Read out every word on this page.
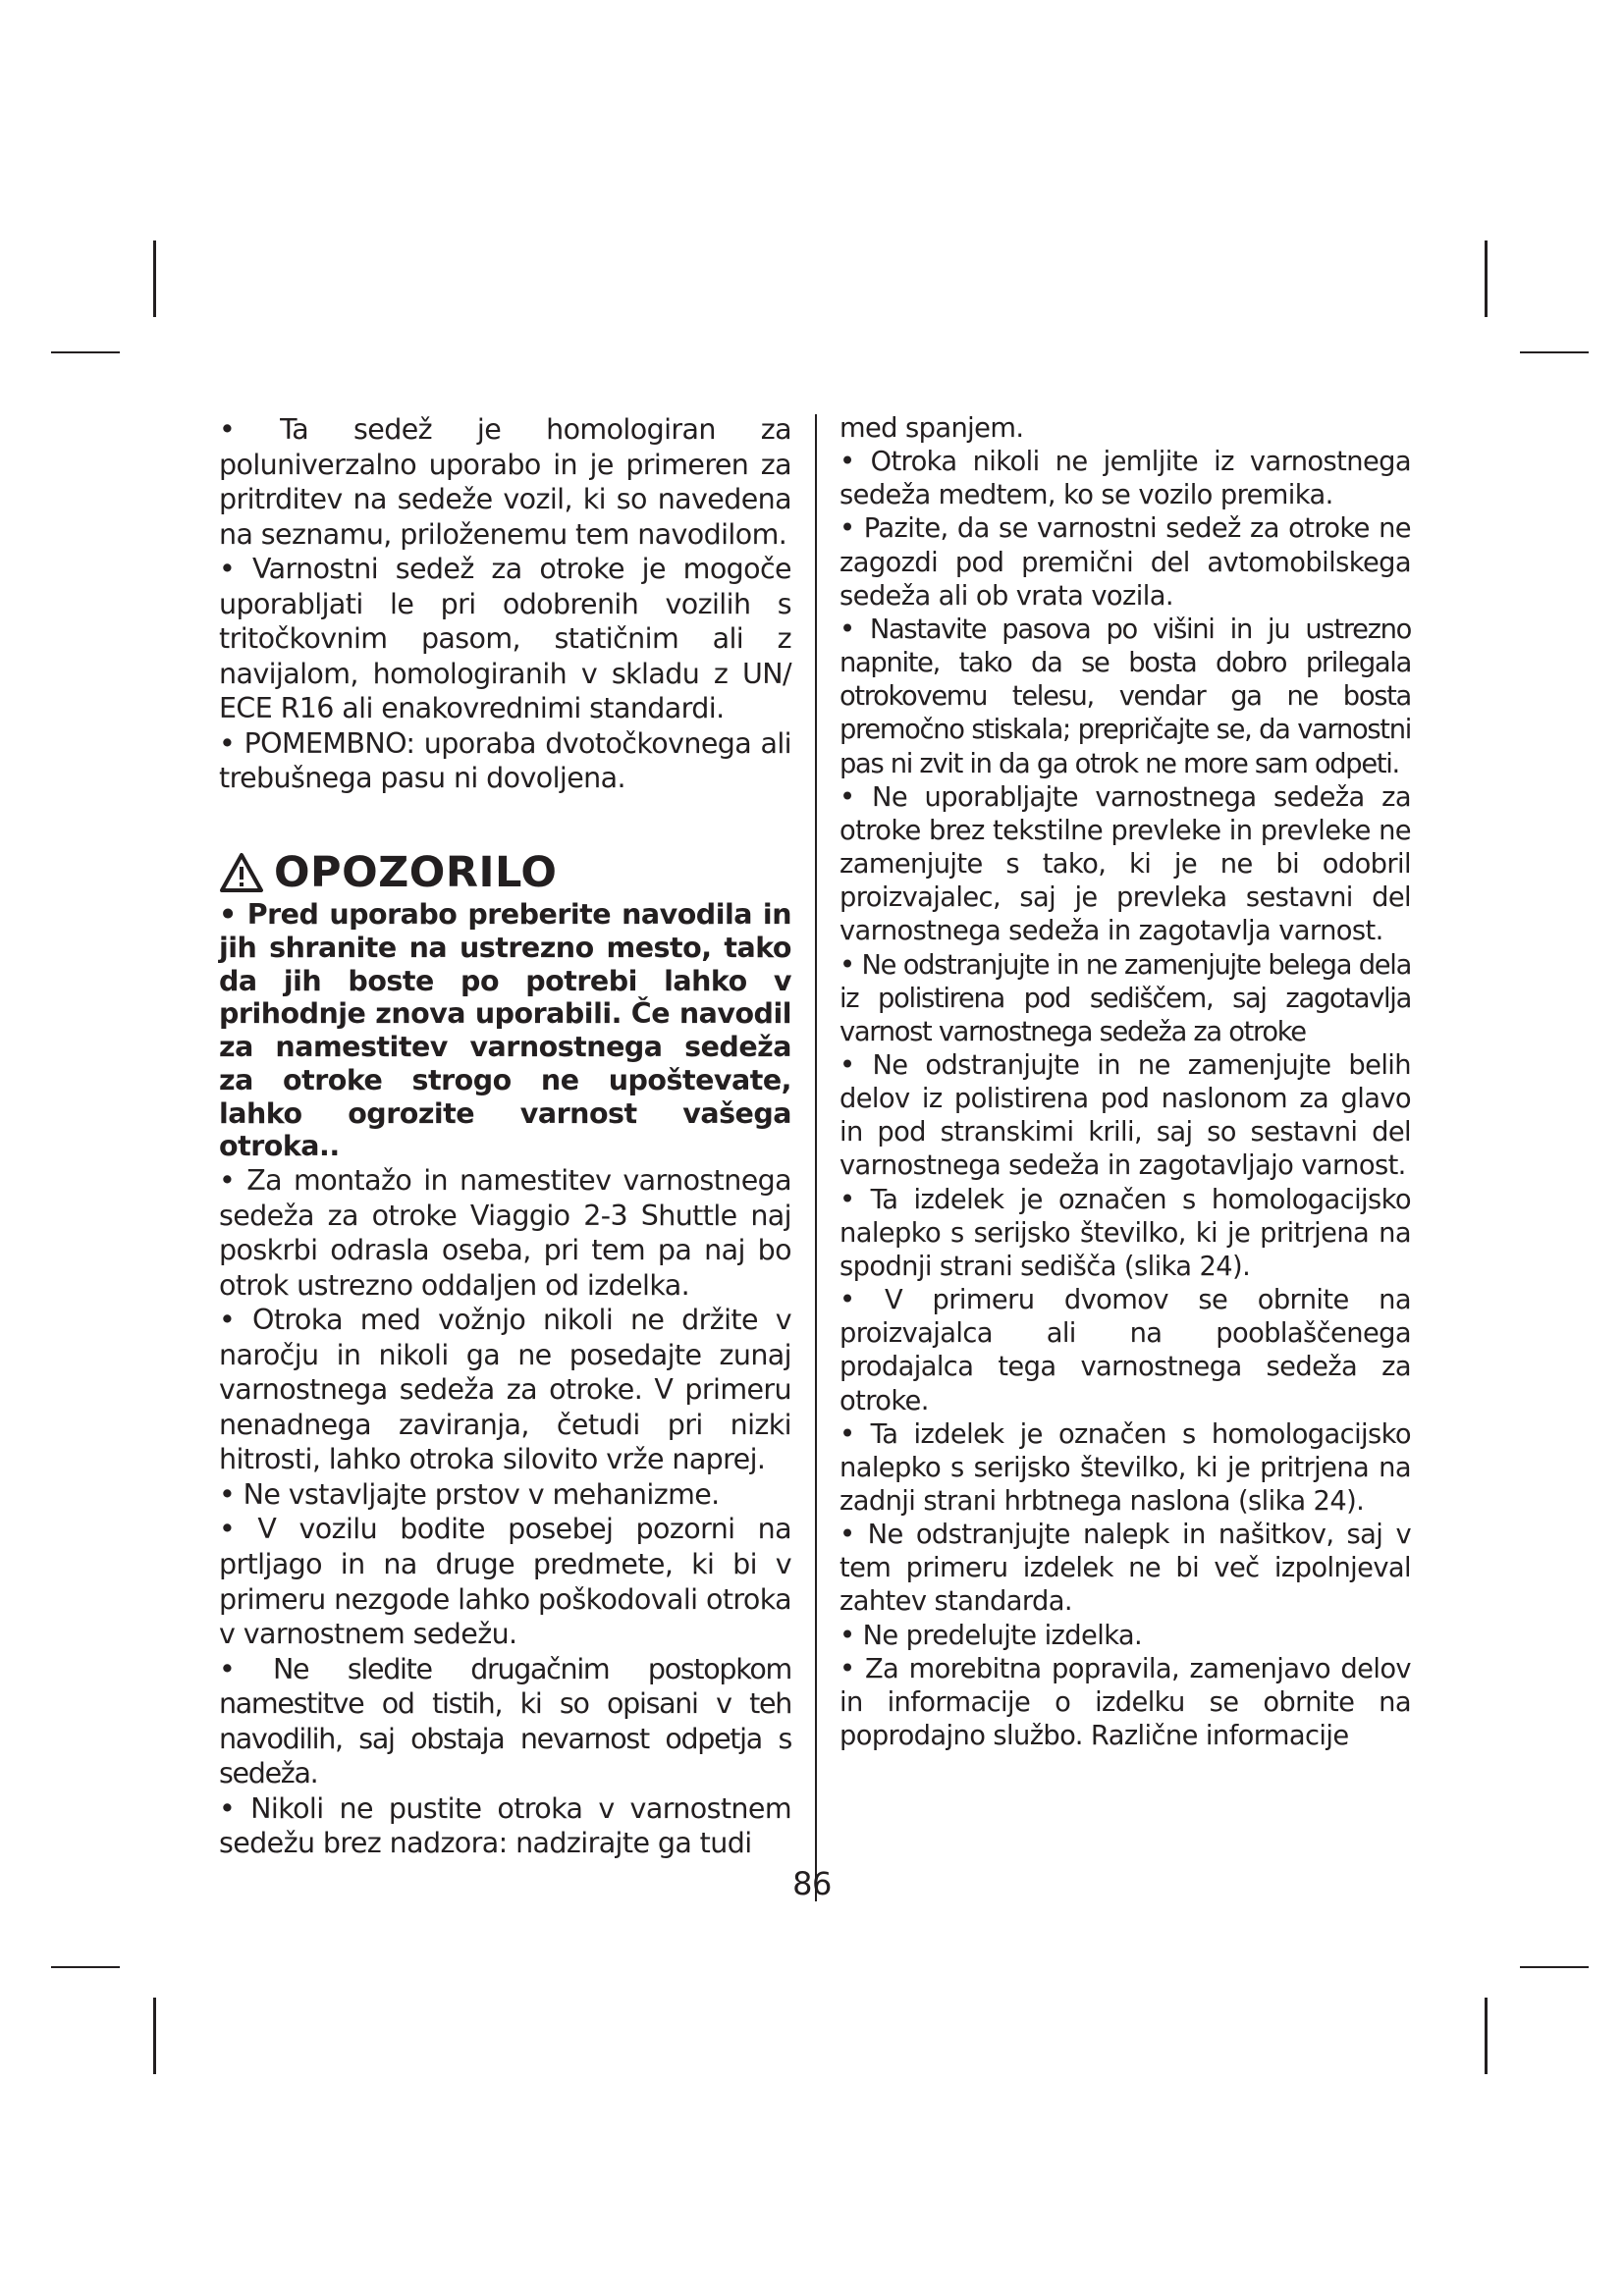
• Ta sedež je homologiran za poluniverzalno uporabo in je primeren za pritrditev na sedeže vozil, ki so navedena na seznamu, priloženemu tem navodilom.

• Varnostni sedež za otroke je mogoče uporabljati le pri odobrenih vozilih s tritočkovnim pasom, statičnim ali z navijalom, homologiranih v skladu z UN/ ECE R16 ali enakovrednimi standardi.

• POMEMBNO: uporaba dvotočkovnega ali trebušnega pasu ni dovoljena.

OPOZORILO

• Pred uporabo preberite navodila in jih shranite na ustrezno mesto, tako da jih boste po potrebi lahko v prihodnje znova uporabili. Če navodil za namestitev varnostnega sedeža za otroke strogo ne upoštevate, lahko ogrozite varnost vašega otroka..

• Za montažo in namestitev varnostnega sedeža za otroke Viaggio 2-3 Shuttle naj poskrbi odrasla oseba, pri tem pa naj bo otrok ustrezno oddaljen od izdelka.

• Otroka med vožnjo nikoli ne držite v naročju in nikoli ga ne posedajte zunaj varnostnega sedeža za otroke. V primeru nenadnega zaviranja, četudi pri nizki hitrosti, lahko otroka silovito vrže naprej.

• Ne vstavljajte prstov v mehanizme.

• V vozilu bodite posebej pozorni na prtljago in na druge predmete, ki bi v primeru nezgode lahko poškodovali otroka v varnostnem sedežu.

• Ne sledite drugačnim postopkom namestitve od tistih, ki so opisani v teh navodilih, saj obstaja nevarnost odpetja s sedeža.

• Nikoli ne pustite otroka v varnostnem sedežu brez nadzora: nadzirajte ga tudi

med spanjem.

• Otroka nikoli ne jemljite iz varnostnega sedeža medtem, ko se vozilo premika.

• Pazite, da se varnostni sedež za otroke ne zagozdi pod premični del avtomobilskega sedeža ali ob vrata vozila.

• Nastavite pasova po višini in ju ustrezno napnite, tako da se bosta dobro prilegala otrokovemu telesu, vendar ga ne bosta premočno stiskala; prepričajte se, da varnostni pas ni zvit in da ga otrok ne more sam odpeti.

• Ne uporabljajte varnostnega sedeža za otroke brez tekstilne prevleke in prevleke ne zamenjujte s tako, ki je ne bi odobril proizvajalec, saj je prevleka sestavni del varnostnega sedeža in zagotavlja varnost.

• Ne odstranjujte in ne zamenjujte belega dela iz polistirena pod sediščem, saj zagotavlja varnost varnostnega sedeža za otroke

• Ne odstranjujte in ne zamenjujte belih delov iz polistirena pod naslonom za glavo in pod stranskimi krili, saj so sestavni del varnostnega sedeža in zagotavljajo varnost.

• Ta izdelek je označen s homologacijsko nalepko s serijsko številko, ki je pritrjena na spodnji strani sedišča (slika 24).

• V primeru dvomov se obrnite na proizvajalca ali na pooblaščenega prodajalca tega varnostnega sedeža za otroke.

• Ta izdelek je označen s homologacijsko nalepko s serijsko številko, ki je pritrjena na zadnji strani hrbtnega naslona (slika 24).

• Ne odstranjujte nalepk in našitkov, saj v tem primeru izdelek ne bi več izpolnjeval zahtev standarda.

• Ne predelujte izdelka.

• Za morebitna popravila, zamenjavo delov in informacije o izdelku se obrnite na poprodajno službo. Različne informacije

86
